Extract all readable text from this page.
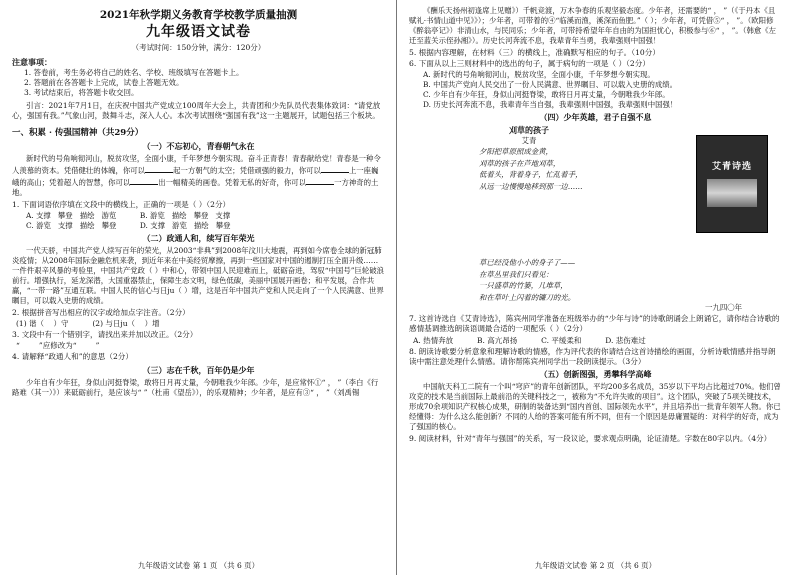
2021年秋学期义务教育学校教学质量抽测
九年级语文试卷
（考试时间：150分钟，满分：120分）
注意事项：
1. 答卷前，考生务必将自己的姓名、学校、班级填写在答题卡上。
2. 答题前在各答题卡上完成，试卷上答题无效。
3. 考试结束后，将答题卡收交回。
引言：2021年7月1日，在庆祝中国共产党成立100周年大会上，共青团和少先队员代表集体致词：“请党放心，强国有我。”气象山河，鼓舞斗志，深入人心。本次考试围绕“强国有我”这一主题展开，试题包括三个板块。
一、积累 · 传强国精神（共29分）
（一）不忘初心，青春朝气永在
新时代的号角响彻河山，脱贫攻坚，全面小康，千年梦想今朝实现。奋斗正青春！青春献给党！青春是一种令人羡慕的资本。凭借健壮的体魄，你可以	起一方朝气的太空；凭借顽强的毅力，你可以	上一座巍峨的高山；凭着超人的智慧，你可以	出一幅精美的画卷。凭着无私的好奇，你可以	一方神奇的土地。
1. 下面词语依序填在文段中的横线上，正确的一项是（ ）（2分）
A. 支撑   攀登   描绘   游览	B. 游览   描绘   攀登   支撑
C. 游览   支撑   描绘   攀登	D. 支撑   游览   描绘   攀登
（二）政通人和，续写百年荣光
一代天骄，中国共产党人续写百年的荣光，从2003“非典”到2008年汶川大地震，再到如今席卷全球的新冠肺炎疫情；从2008年国际金融危机来袭，到近年来在中美经贸摩擦，再到一些国家对中国的遏制打压全面升级……一件件艰辛风暴的考验里，中国共产党政（ ）中和心，带领中国人民迎难而上，砥砺奋进，驾驭“中国号”巨轮破浪前行。增强执行，延龙深潜，大国重器禁止，保障生态文明，绿色低碳，美丽中国展开画卷；和平发展，合作共赢，“一带一路”互通互联。中国人民的信心与日ju（ ）增，这是百年中国共产党和人民走向了一个人民满意、世界瞩目，可以载入史册的成绩。
2. 根据拼音写出相应的汉字或给加点字注音。（2分）
(1) 谐（    ）守          (2) 与日ju（    ）增
3. 文段中有一个错别字，请找出来并加以改正。（2分）
“        ”应修改为“        ”
4. 请解释“政通人和”的意思（2分）
（三）志在千秋，百年仍是少年
少年自有少年狂，身似山河挺脊梁，敢将日月再丈量，今朝唯我少年郎。少年，是应常怀①“ ， ”（李白《行路难（其一）》）来砥砺前行，是应该与“ ”（杜甫《望岳》），的乐观精神；少年者，是应有③“ ， ”（刘禹锡
九年级语文试卷 第 1 页 （共 6 页）
《酬乐天扬州初逢席上见赠》）千帆竞渡，万木争春的乐观坚毅态度。少年者，还需要的“ ， ”（《于丹本《且赋礼·书情山道中见》》）；少年者，可带着的④“临溪而渔，溪深而鱼肥。”（ ）；少年者，可凭借⑤“ ， ”。（欧阳修《醉翁亭记》）非清山水，与民同乐；少年者，可带持希望年年自由的为国担忧心，积极参与⑥“ ， ”。（韩愈《左迁至蓝关示侄孙湘》）。历史长河奔流不息，我辈青年当勇，我辈强则中国强！
5. 根据内容理解，在材料（三）的横线上，准确默写相应的句子。（10分）
6. 下面从以上三则材料中的选出的句子，属于病句的一项是（ ）（2分）
A. 新时代的号角响彻河山，脱贫攻坚，全面小康，千年梦想今朝实现。
B. 中国共产党向人民交出了一份人民满意、世界瞩目、可以载入史册的成绩。
C. 少年自有少年狂，身似山河挺脊梁，敢将日月再丈量，今朝唯我少年郎。
D. 历史长河奔流不息，我辈青年当自强，我辈强则中国强，我辈强则中国强！
（四）少年英雄，君子自强不息
刈草的孩子
艾青
夕阳把草原照成金黄，
刈草的孩子在芦地刈草，
低着头，背着身子，忙乱着手，
从远一边慢慢地移到那一边……
艾青诗选
草已经没他小小的身子了——
在草丛里我们只看见：
一只盛草的竹篓，几堆草，
和在草叶上闪着的镰刀的光。
一九四〇年
7. 这首诗选自《艾青诗选》，陈宾州同学准备在班级举办的“少年与诗”的诗歌朗诵会上朗诵它，请你结合诗歌的感情基调推选朗读语调最合适的一项配乐（ ）（2分）
A. 热情奔放          B. 高亢昂扬          C. 平缓柔和          D. 悲伤难过
8. 朗读诗歌要分析意象和理解诗歌的情感，作为评代表的你请结合这首诗描绘的画面，分析诗歌情感并指导朗读中需注意处理什么情感。请你帮陈宾州同学出一段朗读提示。（3分）
（五）创新图强，勇攀科学高峰
中国航天科工二院有一个叫“穹庐”的青年创新团队，平均200多名成员，35岁以下平均占比超过70%。他们曾攻克的技术是当前国际上最前沿的关键科技之一，被称为“不允许失败的项目”。这个团队，突破了5项关键技术，形成70余项知识产权核心成果，研制的装备达到“国内首创、国际领先水平”，并且培养出一批青年领军人物。你已经懂得：为什么这么能创新？不同的人给的答案可能有所不同，但有一个原因是毋庸置疑的：对科学的好奇，成为了强国的核心。
9. 阅读材料，针对“青年与强国”的关系，写一段议论，要求观点明确，论证清楚。字数在80字以内。（4分）
九年级语文试卷 第 2 页 （共 6 页）
